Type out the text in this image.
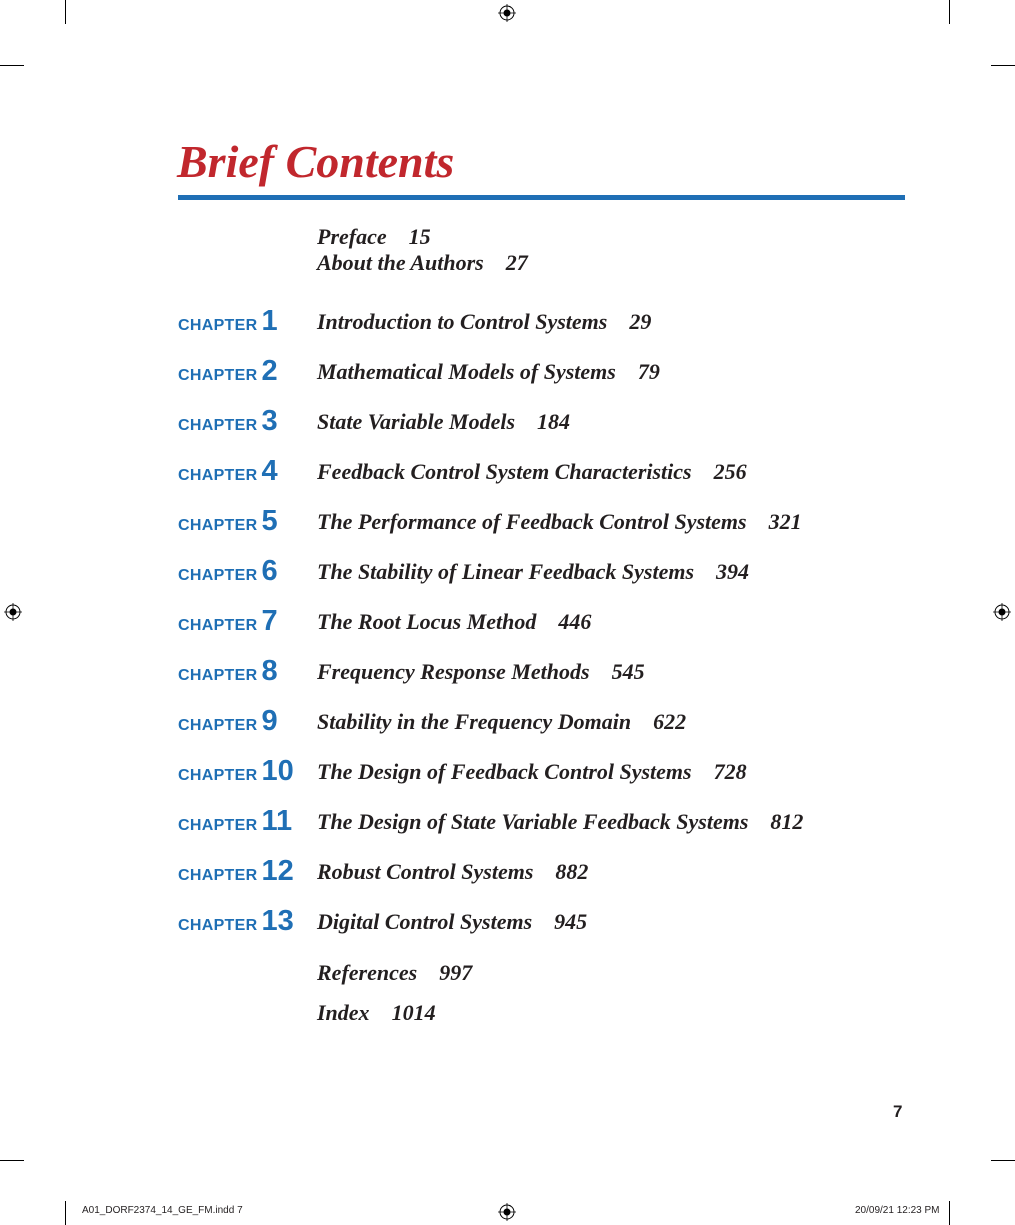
Brief Contents
Preface 15
About the Authors 27
CHAPTER 1 Introduction to Control Systems 29
CHAPTER 2 Mathematical Models of Systems 79
CHAPTER 3 State Variable Models 184
CHAPTER 4 Feedback Control System Characteristics 256
CHAPTER 5 The Performance of Feedback Control Systems 321
CHAPTER 6 The Stability of Linear Feedback Systems 394
CHAPTER 7 The Root Locus Method 446
CHAPTER 8 Frequency Response Methods 545
CHAPTER 9 Stability in the Frequency Domain 622
CHAPTER 10 The Design of Feedback Control Systems 728
CHAPTER 11 The Design of State Variable Feedback Systems 812
CHAPTER 12 Robust Control Systems 882
CHAPTER 13 Digital Control Systems 945
References 997
Index 1014
7
A01_DORF2374_14_GE_FM.indd 7	20/09/21 12:23 PM
